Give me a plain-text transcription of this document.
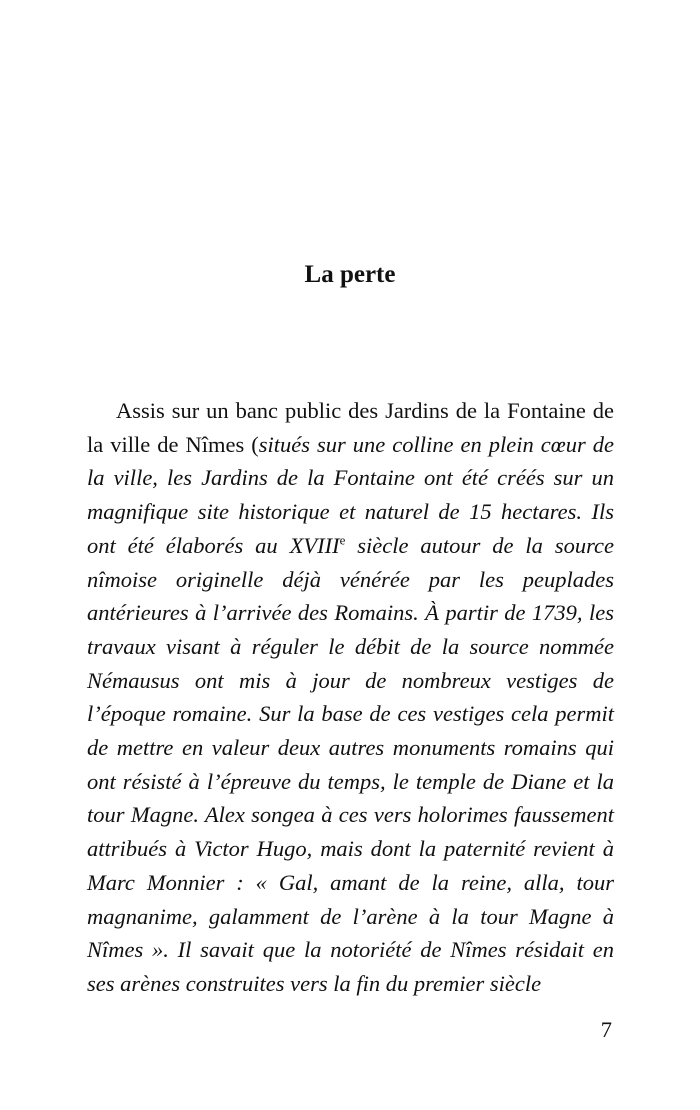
La perte

Assis sur un banc public des Jardins de la Fontaine de la ville de Nîmes (situés sur une colline en plein cœur de la ville, les Jardins de la Fontaine ont été créés sur un magnifique site historique et naturel de 15 hectares. Ils ont été élaborés au XVIIIe siècle autour de la source nîmoise originelle déjà vénérée par les peuplades antérieures à l’arrivée des Romains. À partir de 1739, les travaux visant à réguler le débit de la source nommée Némausus ont mis à jour de nombreux vestiges de l’époque romaine. Sur la base de ces vestiges cela permit de mettre en valeur deux autres monuments romains qui ont résisté à l’épreuve du temps, le temple de Diane et la tour Magne. Alex songea à ces vers holorimes faussement attribués à Victor Hugo, mais dont la paternité revient à Marc Monnier : « Gal, amant de la reine, alla, tour magnanime, galamment de l’arène à la tour Magne à Nîmes ». Il savait que la notoriété de Nîmes résidait en ses arènes construites vers la fin du premier siècle

7
